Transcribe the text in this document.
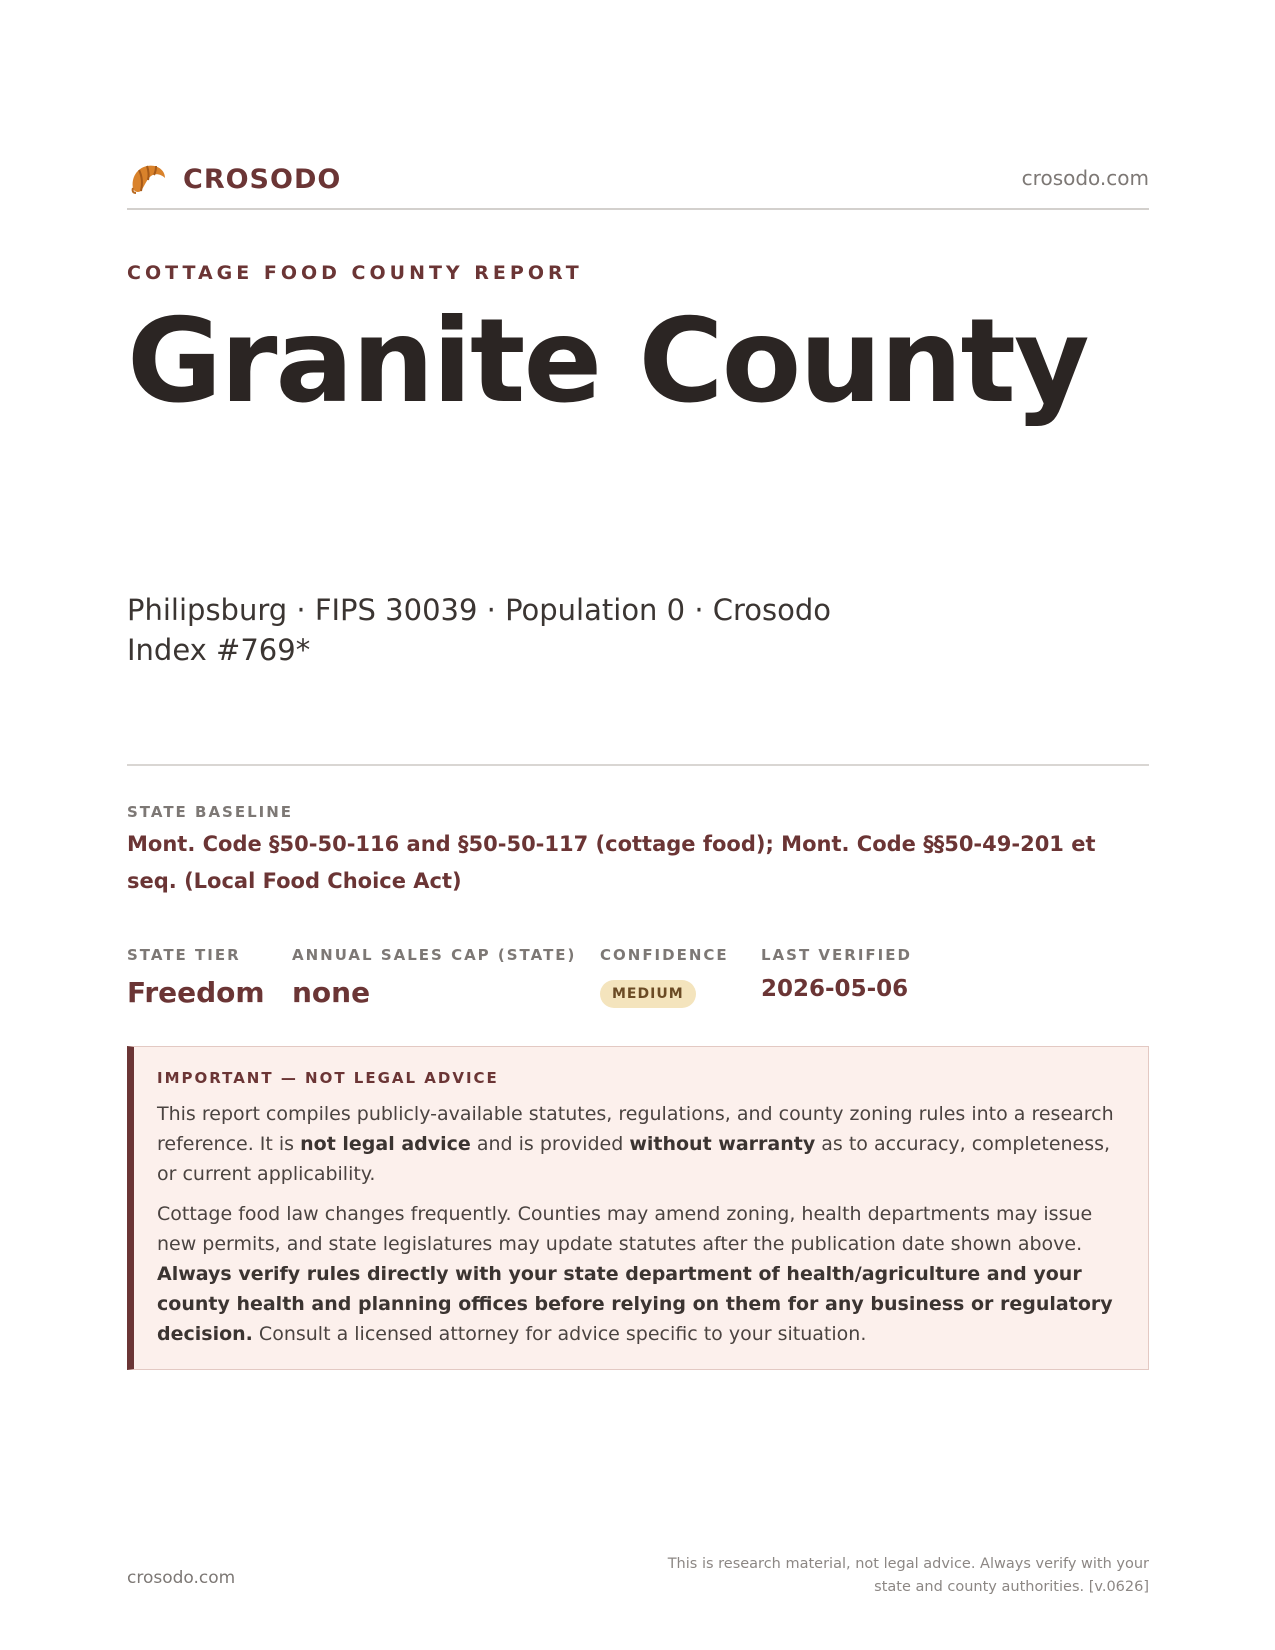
CROSODO	crosodo.com
COTTAGE FOOD COUNTY REPORT
Granite County
Philipsburg · FIPS 30039 · Population 0 · Crosodo Index #769*
STATE BASELINE
Mont. Code §50-50-116 and §50-50-117 (cottage food); Mont. Code §§50-49-201 et seq. (Local Food Choice Act)
STATE TIER
Freedom
ANNUAL SALES CAP (STATE)
none
CONFIDENCE
MEDIUM
LAST VERIFIED
2026-05-06
IMPORTANT — NOT LEGAL ADVICE

This report compiles publicly-available statutes, regulations, and county zoning rules into a research reference. It is not legal advice and is provided without warranty as to accuracy, completeness, or current applicability.

Cottage food law changes frequently. Counties may amend zoning, health departments may issue new permits, and state legislatures may update statutes after the publication date shown above. Always verify rules directly with your state department of health/agriculture and your county health and planning offices before relying on them for any business or regulatory decision. Consult a licensed attorney for advice specific to your situation.

crosodo.com
This is research material, not legal advice. Always verify with your state and county authorities. [v.0626]
